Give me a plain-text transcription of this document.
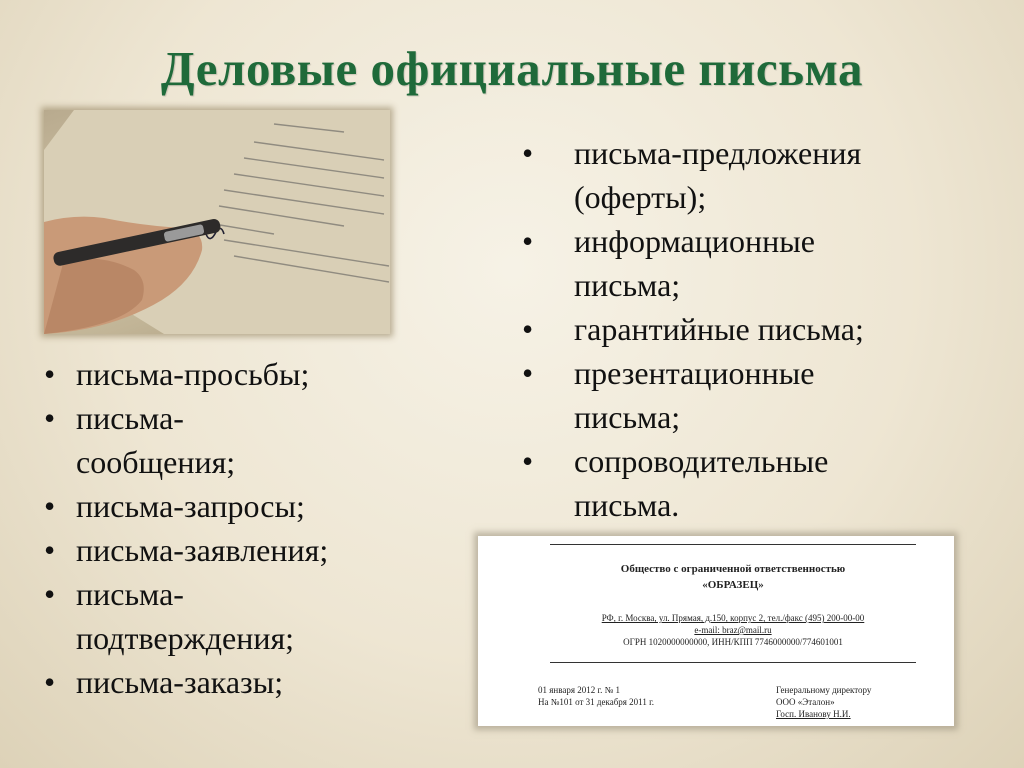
Деловые официальные письма
• письма-просьбы;
• письма-сообщения;
• письма-запросы;
• письма-заявления;
• письма-подтверждения;
• письма-заказы;
• письма-предложения (оферты);
• информационные письма;
• гарантийные письма;
• презентационные письма;
• сопроводительные письма.
Общество с ограниченной ответственностью
«ОБРАЗЕЦ»
РФ, г. Москва, ул. Прямая, д.150, корпус 2, тел./факс (495) 200-00-00
e-mail: braz@mail.ru
ОГРН 1020000000000, ИНН/КПП 7746000000/774601001
01 января 2012 г. № 1
На №101 от 31 декабря 2011 г.
Генеральному директору
ООО «Эталон»
Госп. Иванову Н.И.
